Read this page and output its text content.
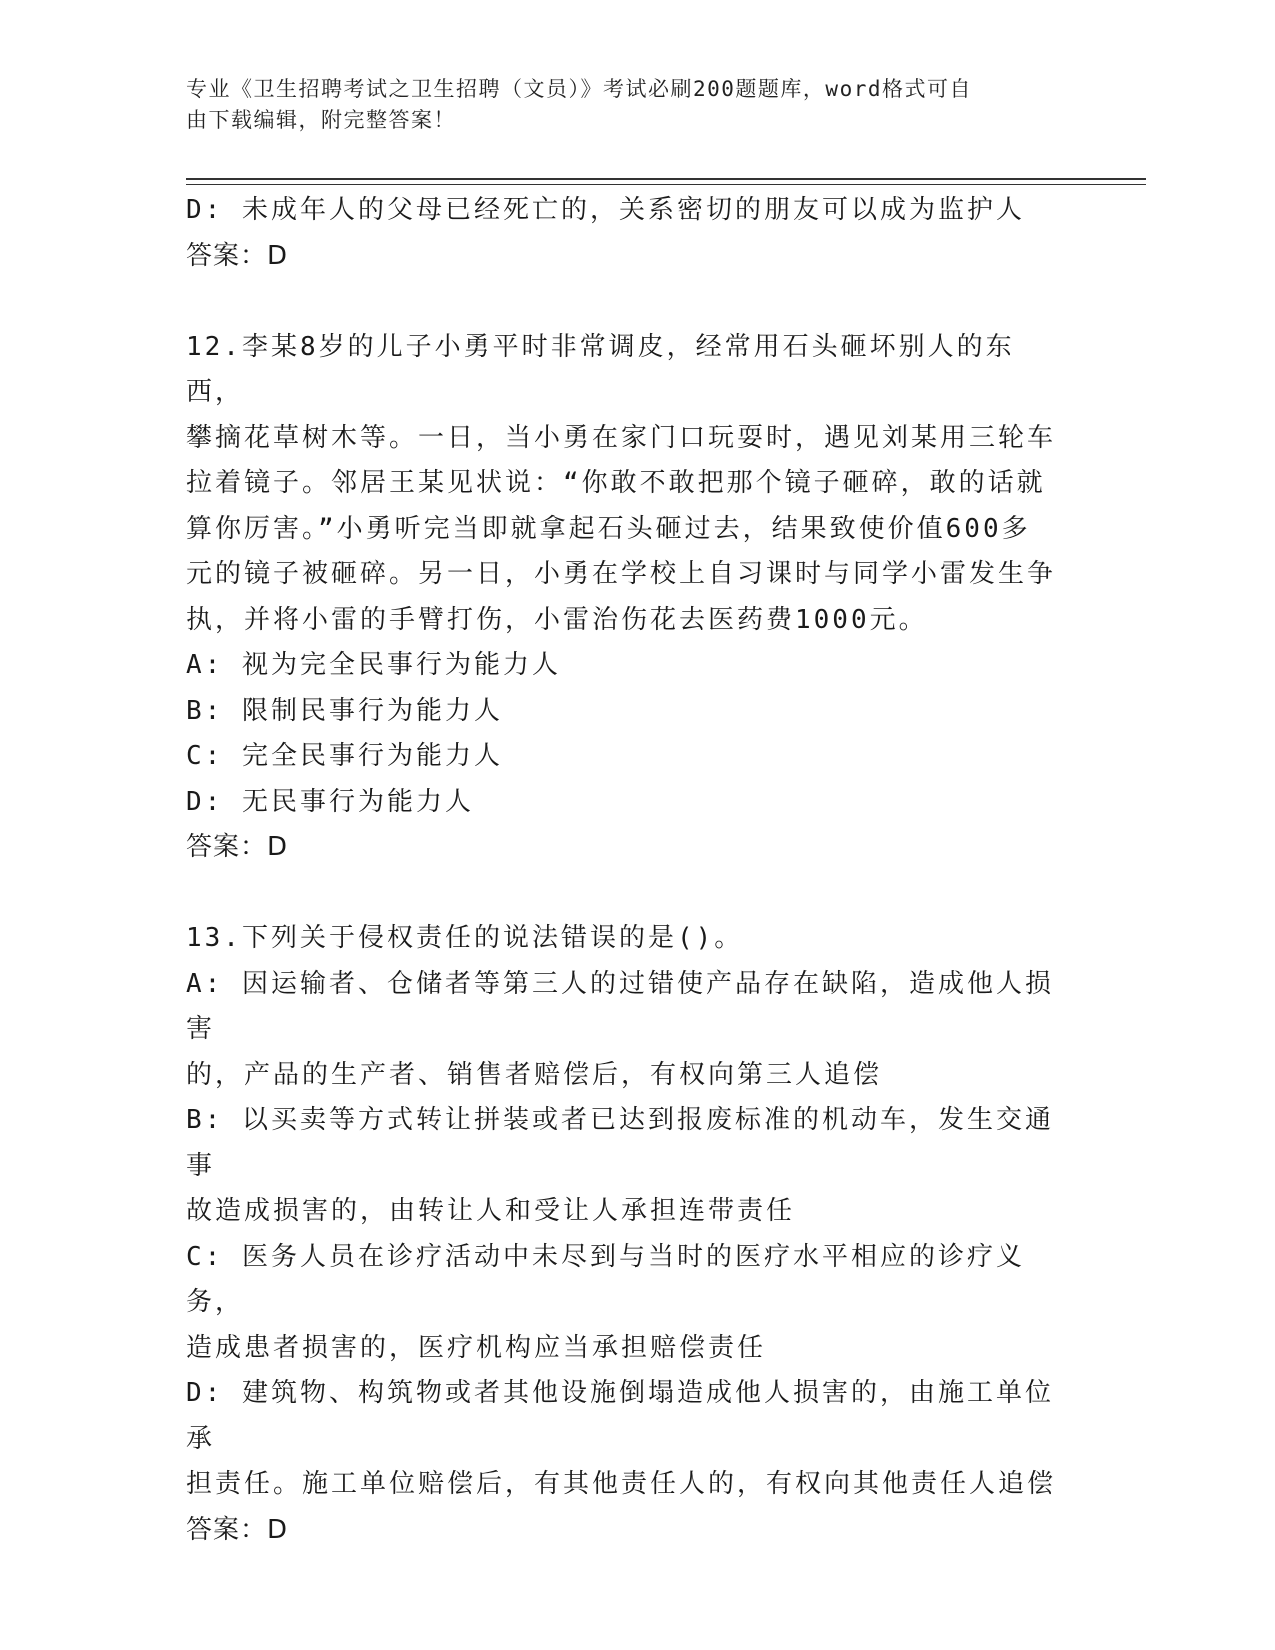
专业《卫生招聘考试之卫生招聘（文员）》考试必刷200题题库，word格式可自
由下载编辑，附完整答案！
D: 未成年人的父母已经死亡的，关系密切的朋友可以成为监护人
答案：D
12.李某8岁的儿子小勇平时非常调皮，经常用石头砸坏别人的东西，
攀摘花草树木等。一日，当小勇在家门口玩耍时，遇见刘某用三轮车
拉着镜子。邻居王某见状说：“你敢不敢把那个镜子砸碎，敢的话就
算你厉害。”小勇听完当即就拿起石头砸过去，结果致使价值600多
元的镜子被砸碎。另一日，小勇在学校上自习课时与同学小雷发生争
执，并将小雷的手臂打伤，小雷治伤花去医药费1000元。
A: 视为完全民事行为能力人
B: 限制民事行为能力人
C: 完全民事行为能力人
D: 无民事行为能力人
答案：D
13.下列关于侵权责任的说法错误的是()。
A: 因运输者、仓储者等第三人的过错使产品存在缺陷，造成他人损害
的，产品的生产者、销售者赔偿后，有权向第三人追偿
B: 以买卖等方式转让拼装或者已达到报废标准的机动车，发生交通事
故造成损害的，由转让人和受让人承担连带责任
C: 医务人员在诊疗活动中未尽到与当时的医疗水平相应的诊疗义务，
造成患者损害的，医疗机构应当承担赔偿责任
D: 建筑物、构筑物或者其他设施倒塌造成他人损害的，由施工单位承
担责任。施工单位赔偿后，有其他责任人的，有权向其他责任人追偿
答案：D
